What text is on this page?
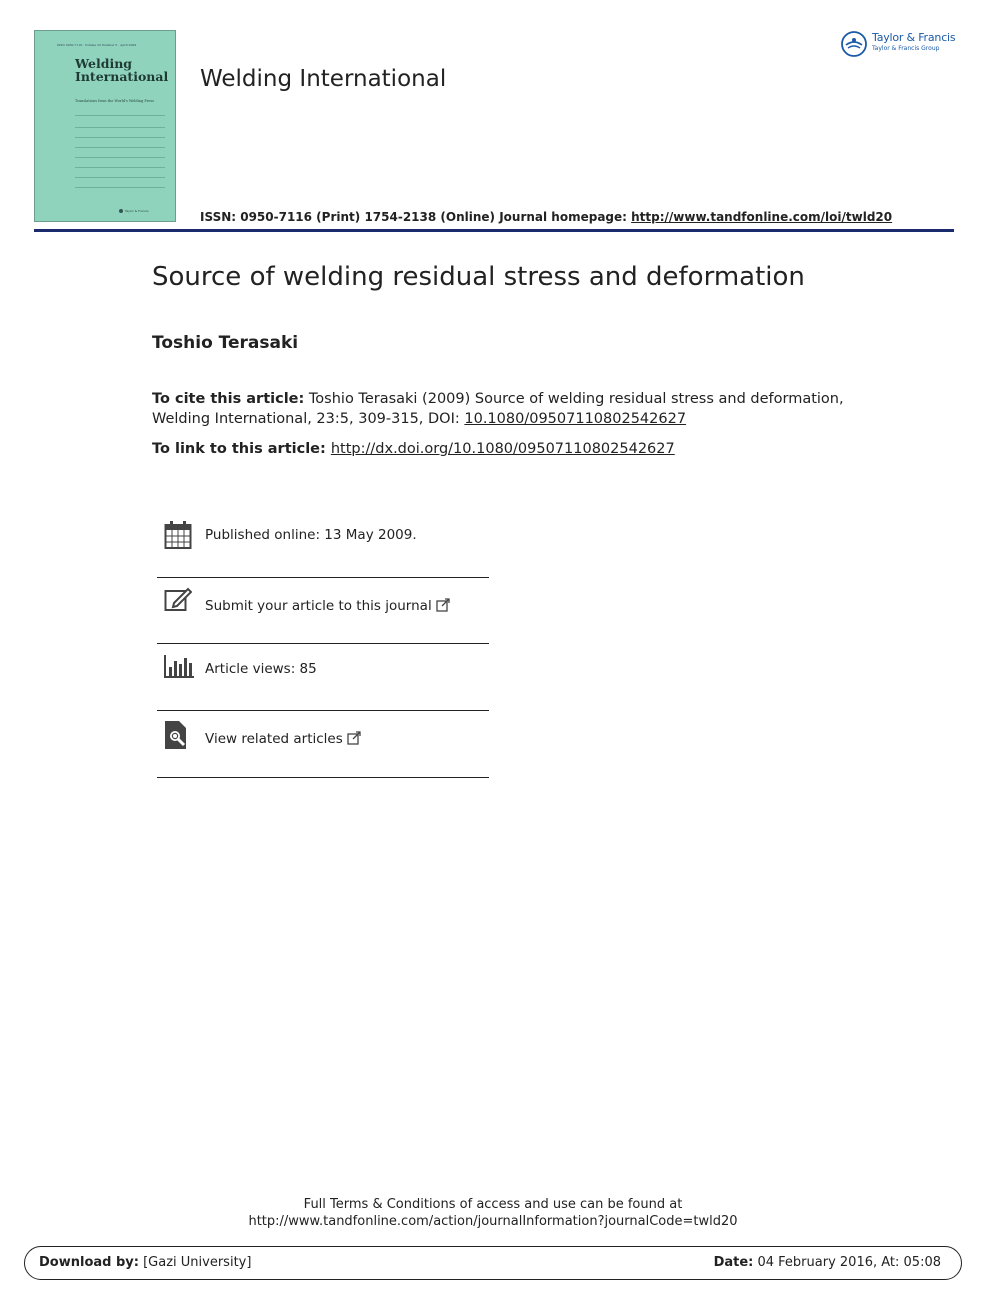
ISSN 0950-7116 · Volume 23 Number 5 · April 2009
Welding
International
Translations from the World's Welding Press
Taylor & Francis
Welding International
Taylor & Francis
Taylor & Francis Group
ISSN: 0950-7116 (Print) 1754-2138 (Online) Journal homepage: http://www.tandfonline.com/loi/twld20
Source of welding residual stress and deformation
Toshio Terasaki
To cite this article: Toshio Terasaki (2009) Source of welding residual stress and deformation, Welding International, 23:5, 309-315, DOI: 10.1080/09507110802542627
To link to this article: http://dx.doi.org/10.1080/09507110802542627
Published online: 13 May 2009.
Submit your article to this journal
Article views: 85
View related articles
Full Terms & Conditions of access and use can be found at
http://www.tandfonline.com/action/journalInformation?journalCode=twld20
Download by: [Gazi University]	Date: 04 February 2016, At: 05:08
